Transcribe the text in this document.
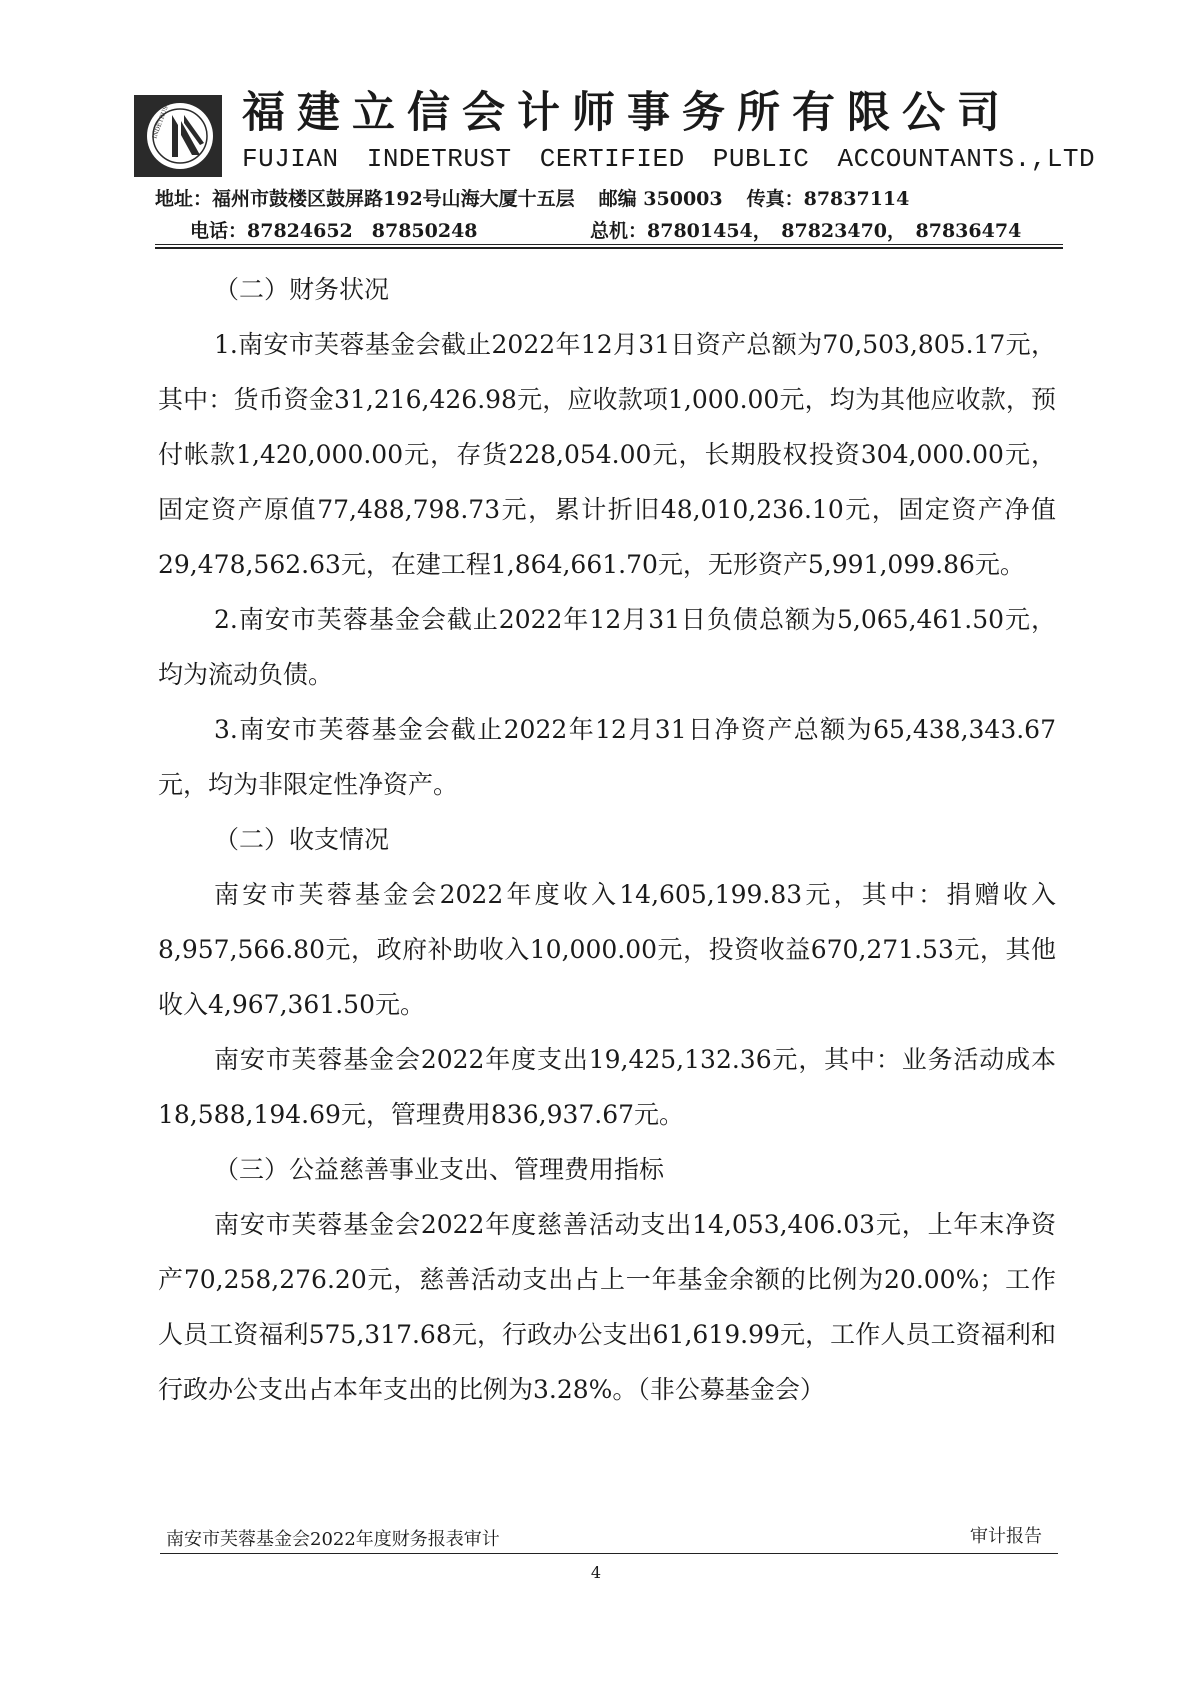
INDETRUST 福建立信会计师事务所有限公司
FUJIAN INDETRUST CERTIFIED PUBLIC ACCOUNTANTS.,LTD
地址：福州市鼓楼区鼓屏路192号山海大厦十五层 邮编 350003 传真：87837114
电话：87824652　87850248	总机：87801454，　87823470，　87836474

（二）财务状况

1.南安市芙蓉基金会截止2022年12月31日资产总额为70,503,805.17元，其中：货币资金31,216,426.98元，应收款项1,000.00元，均为其他应收款，预付帐款1,420,000.00元，存货228,054.00元，长期股权投资304,000.00元，固定资产原值77,488,798.73元，累计折旧48,010,236.10元，固定资产净值29,478,562.63元，在建工程1,864,661.70元，无形资产5,991,099.86元。

2.南安市芙蓉基金会截止2022年12月31日负债总额为5,065,461.50元，均为流动负债。

3.南安市芙蓉基金会截止2022年12月31日净资产总额为65,438,343.67元，均为非限定性净资产。

（二）收支情况

南安市芙蓉基金会2022年度收入14,605,199.83元，其中：捐赠收入8,957,566.80元，政府补助收入10,000.00元，投资收益670,271.53元，其他收入4,967,361.50元。

南安市芙蓉基金会2022年度支出19,425,132.36元，其中：业务活动成本18,588,194.69元，管理费用836,937.67元。

（三）公益慈善事业支出、管理费用指标

南安市芙蓉基金会2022年度慈善活动支出14,053,406.03元，上年末净资产70,258,276.20元，慈善活动支出占上一年基金余额的比例为20.00%；工作人员工资福利575,317.68元，行政办公支出61,619.99元，工作人员工资福利和行政办公支出占本年支出的比例为3.28%。（非公募基金会）

南安市芙蓉基金会2022年度财务报表审计	审计报告
4
